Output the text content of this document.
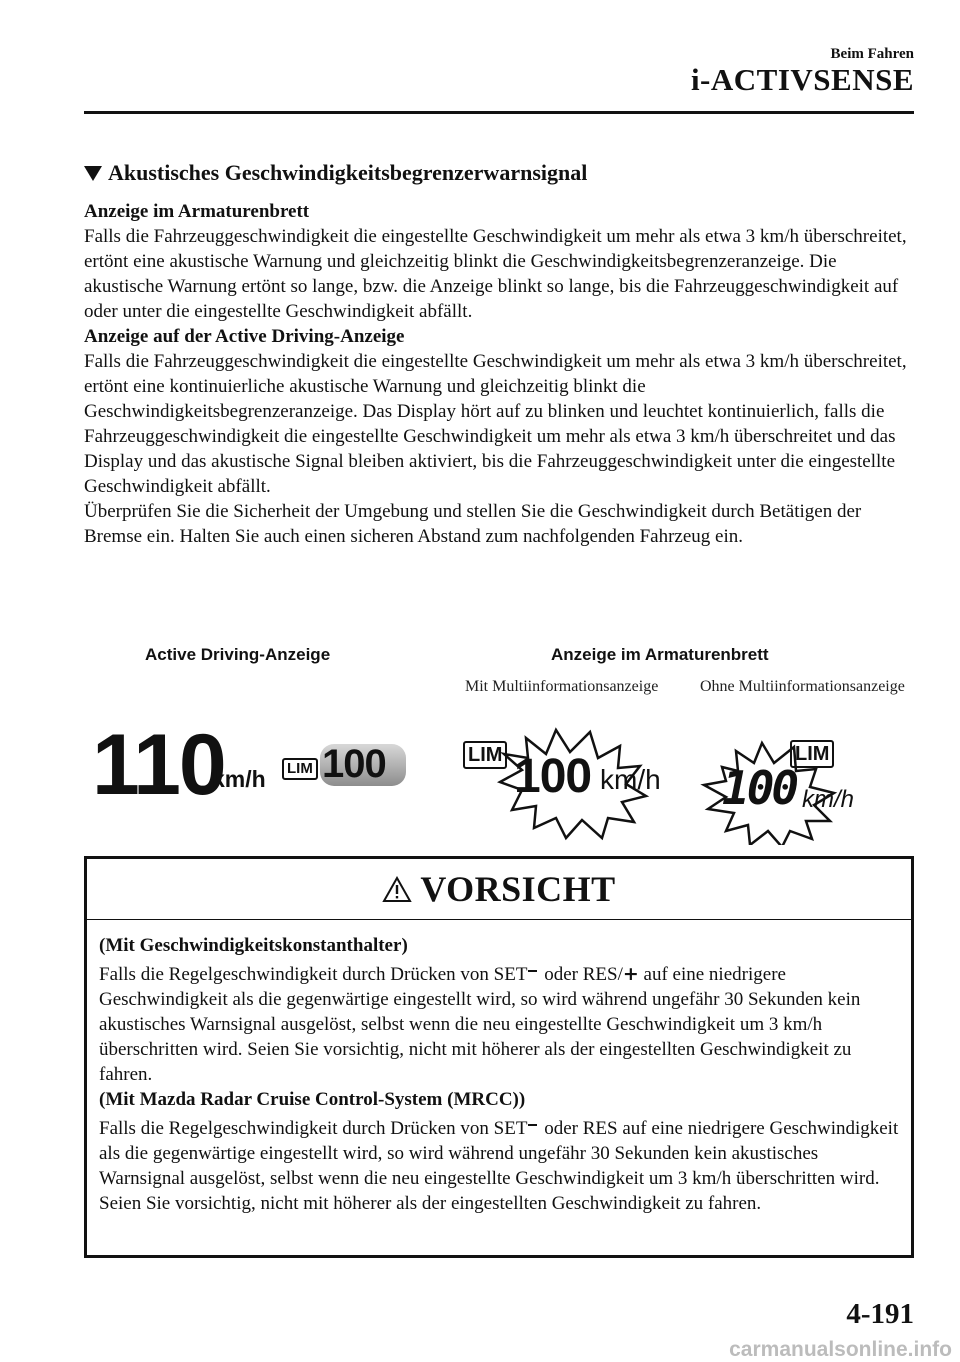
Beim Fahren
i-ACTIVSENSE
Akustisches Geschwindigkeitsbegrenzerwarnsignal
Anzeige im Armaturenbrett

Falls die Fahrzeuggeschwindigkeit die eingestellte Geschwindigkeit um mehr als etwa 3 km/h überschreitet, ertönt eine akustische Warnung und gleichzeitig blinkt die Geschwindigkeitsbegrenzeranzeige. Die akustische Warnung ertönt so lange, bzw. die Anzeige blinkt so lange, bis die Fahrzeuggeschwindigkeit auf oder unter die eingestellte Geschwindigkeit abfällt.

Anzeige auf der Active Driving-Anzeige

Falls die Fahrzeuggeschwindigkeit die eingestellte Geschwindigkeit um mehr als etwa 3 km/h überschreitet, ertönt eine kontinuierliche akustische Warnung und gleichzeitig blinkt die Geschwindigkeitsbegrenzeranzeige. Das Display hört auf zu blinken und leuchtet kontinuierlich, falls die Fahrzeuggeschwindigkeit die eingestellte Geschwindigkeit um mehr als etwa 3 km/h überschreitet und das Display und das akustische Signal bleiben aktiviert, bis die Fahrzeuggeschwindigkeit unter die eingestellte Geschwindigkeit abfällt.

Überprüfen Sie die Sicherheit der Umgebung und stellen Sie die Geschwindigkeit durch Betätigen der Bremse ein. Halten Sie auch einen sicheren Abstand zum nachfolgenden Fahrzeug ein.

Active Driving-Anzeige	Anzeige im Armaturenbrett
Mit Multiinformationsanzeige	Ohne Multiinformationsanzeige
110
km/h	LIM 100	LIM 100 km/h
LIM
100 km/h
VORSICHT

(Mit Geschwindigkeitskonstanthalter)

Falls die Regelgeschwindigkeit durch Drücken von SET oder RES/+ auf eine niedrigere Geschwindigkeit als die gegenwärtige eingestellt wird, so wird während ungefähr 30 Sekunden kein akustisches Warnsignal ausgelöst, selbst wenn die neu eingestellte Geschwindigkeit um 3 km/h überschritten wird. Seien Sie vorsichtig, nicht mit höherer als der eingestellten Geschwindigkeit zu fahren.

(Mit Mazda Radar Cruise Control-System (MRCC))

Falls die Regelgeschwindigkeit durch Drücken von SET oder RES auf eine niedrigere Geschwindigkeit als die gegenwärtige eingestellt wird, so wird während ungefähr 30 Sekunden kein akustisches Warnsignal ausgelöst, selbst wenn die neu eingestellte Geschwindigkeit um 3 km/h überschritten wird. Seien Sie vorsichtig, nicht mit höherer als der eingestellten Geschwindigkeit zu fahren.

4-191
carmanualsonline.info
